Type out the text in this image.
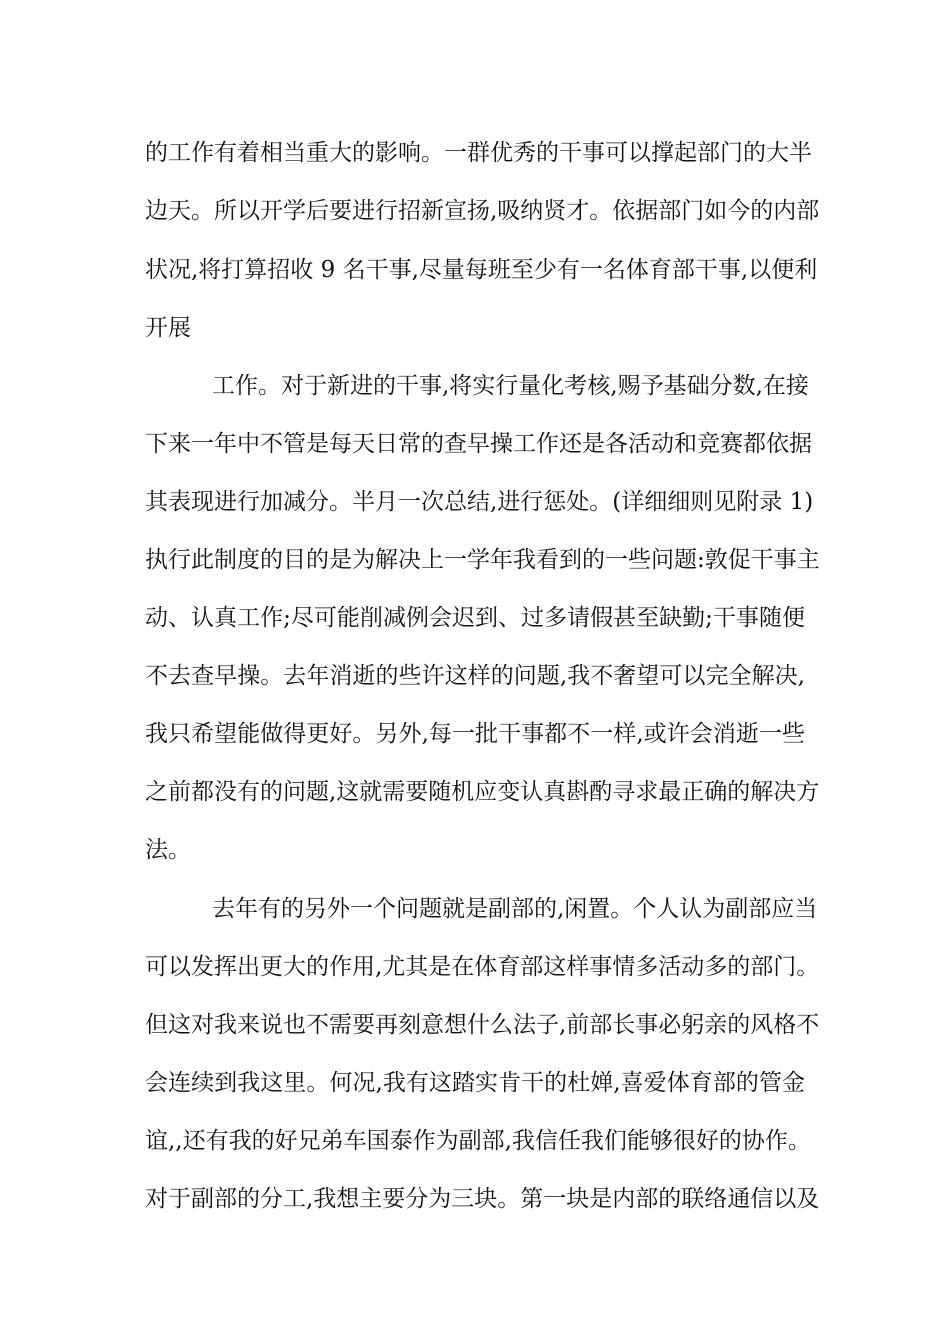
的工作有着相当重大的影响。一群优秀的干事可以撑起部门的大半
边天。所以开学后要进行招新宣扬,吸纳贤才。依据部门如今的内部
状况,将打算招收 9 名干事,尽量每班至少有一名体育部干事,以便利
开展
工作。对于新进的干事,将实行量化考核,赐予基础分数,在接
下来一年中不管是每天日常的查早操工作还是各活动和竞赛都依据
其表现进行加减分。半月一次总结,进行惩处。(详细细则见附录 1)
执行此制度的目的是为解决上一学年我看到的一些问题:敦促干事主
动、认真工作;尽可能削减例会迟到、过多请假甚至缺勤;干事随便
不去查早操。去年消逝的些许这样的问题,我不奢望可以完全解决,
我只希望能做得更好。另外,每一批干事都不一样,或许会消逝一些
之前都没有的问题,这就需要随机应变认真斟酌寻求最正确的解决方
法。
去年有的另外一个问题就是副部的,闲置。个人认为副部应当
可以发挥出更大的作用,尤其是在体育部这样事情多活动多的部门。
但这对我来说也不需要再刻意想什么法子,前部长事必躬亲的风格不
会连续到我这里。何况,我有这踏实肯干的杜婵,喜爱体育部的管金
谊,,还有我的好兄弟车国泰作为副部,我信任我们能够很好的协作。
对于副部的分工,我想主要分为三块。第一块是内部的联络通信以及
